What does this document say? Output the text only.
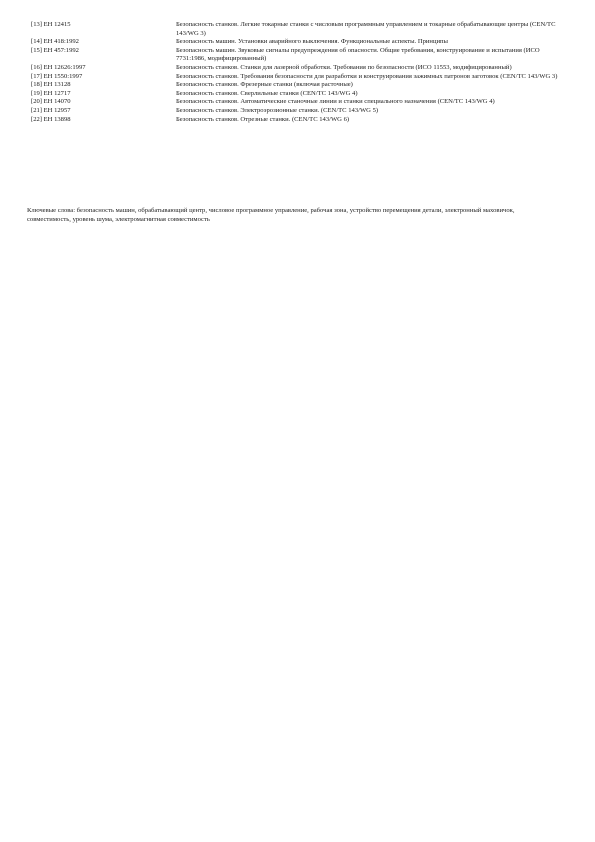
[13] ЕН 12415	Безопасность станков. Легкие токарные станки с числовым программным управлением и токарные обрабатывающие центры (CEN/TC 143/WG 3)
[14] ЕН 418:1992	Безопасность машин. Установки аварийного выключения. Функциональные аспекты. Принципы
[15] ЕН 457:1992	Безопасность машин. Звуковые сигналы предупреждения об опасности. Общие требования, конструирование и испытания (ИСО 7731:1986, модифицированный)
[16] ЕН 12626:1997	Безопасность станков. Станки для лазерной обработки. Требования по безопасности (ИСО 11553, модифицированный)
[17] ЕН 1550:1997	Безопасность станков. Требования безопасности для разработки и конструирования зажимных патронов заготовок (CEN/TC 143/WG 3)
[18] ЕН 13128	Безопасность станков. Фрезерные станки (включая расточные)
[19] ЕН 12717	Безопасность станков. Сверлильные станки (CEN/TC 143/WG 4)
[20] ЕН 14070	Безопасность станков. Автоматические станочные линии и станки специального назначения (CEN/TC 143/WG 4)
[21] ЕН 12957	Безопасность станков. Электроэрозионные станки. (CEN/TC 143/WG 5)
[22] ЕН 13898	Безопасность станков. Отрезные станки. (CEN/TC 143/WG 6)
Ключевые слова: безопасность машин, обрабатывающий центр, числовое программное управление, рабочая зона, устройство перемещения детали, электронный маховичок, совместимость, уровень шума, электромагнитная совместимость
